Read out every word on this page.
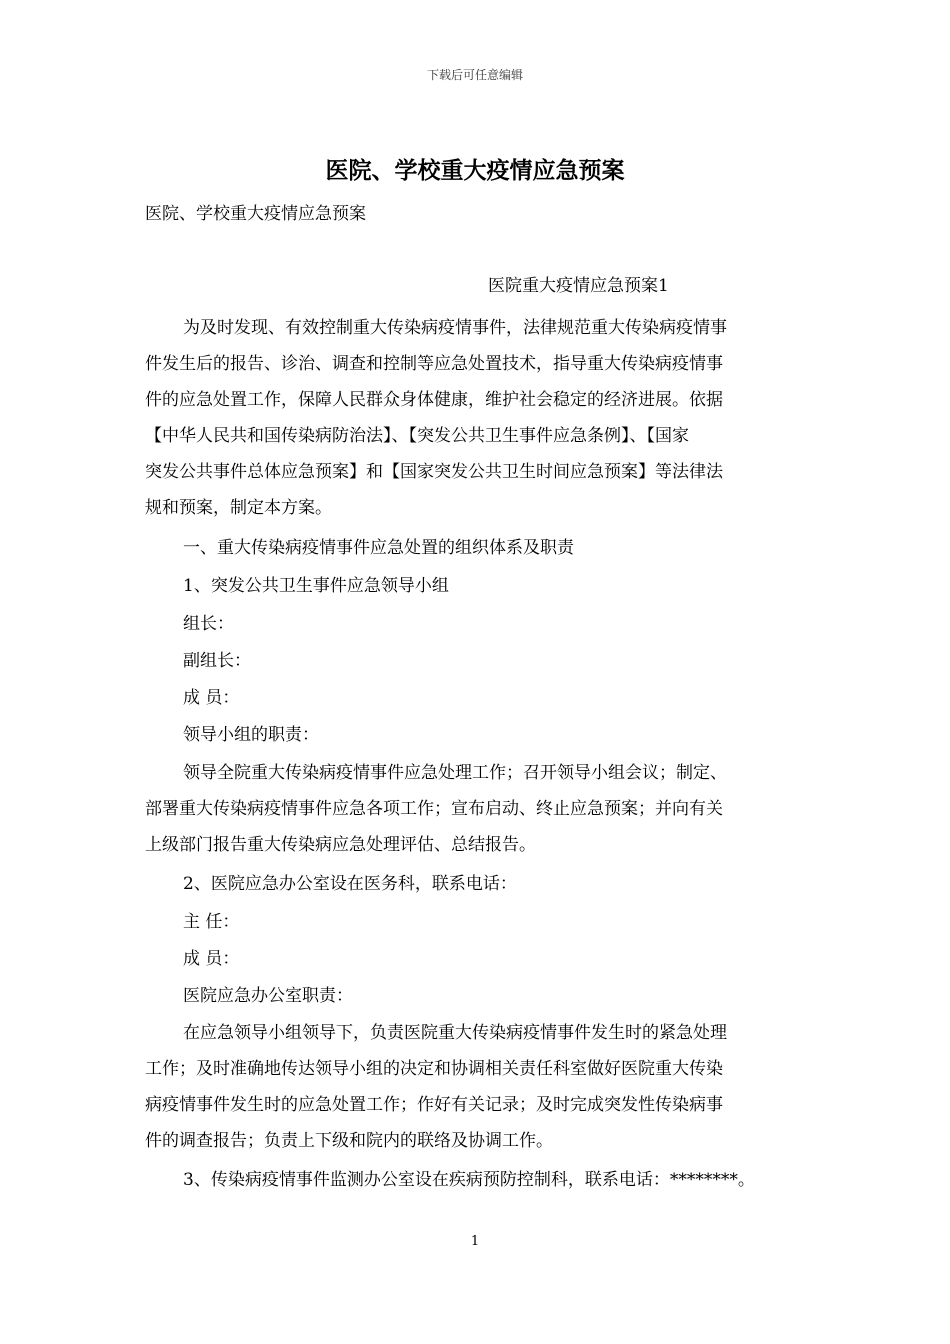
下载后可任意编辑
医院、学校重大疫情应急预案
医院、学校重大疫情应急预案
医院重大疫情应急预案1
为及时发现、有效控制重大传染病疫情事件，法律规范重大传染病疫情事
件发生后的报告、诊治、调查和控制等应急处置技术，指导重大传染病疫情事
件的应急处置工作，保障人民群众身体健康，维护社会稳定的经济进展。依据
【中华人民共和国传染病防治法】、【突发公共卫生事件应急条例】、【国家
突发公共事件总体应急预案】和【国家突发公共卫生时间应急预案】等法律法
规和预案，制定本方案。
一、重大传染病疫情事件应急处置的组织体系及职责
1、突发公共卫生事件应急领导小组
组长：
副组长：
成 员：
领导小组的职责：
领导全院重大传染病疫情事件应急处理工作；召开领导小组会议；制定、
部署重大传染病疫情事件应急各项工作；宣布启动、终止应急预案；并向有关
上级部门报告重大传染病应急处理评估、总结报告。
2、医院应急办公室设在医务科，联系电话：
主 任：
成 员：
医院应急办公室职责：
在应急领导小组领导下，负责医院重大传染病疫情事件发生时的紧急处理
工作；及时准确地传达领导小组的决定和协调相关责任科室做好医院重大传染
病疫情事件发生时的应急处置工作；作好有关记录；及时完成突发性传染病事
件的调查报告；负责上下级和院内的联络及协调工作。
3、传染病疫情事件监测办公室设在疾病预防控制科，联系电话：********。
1
